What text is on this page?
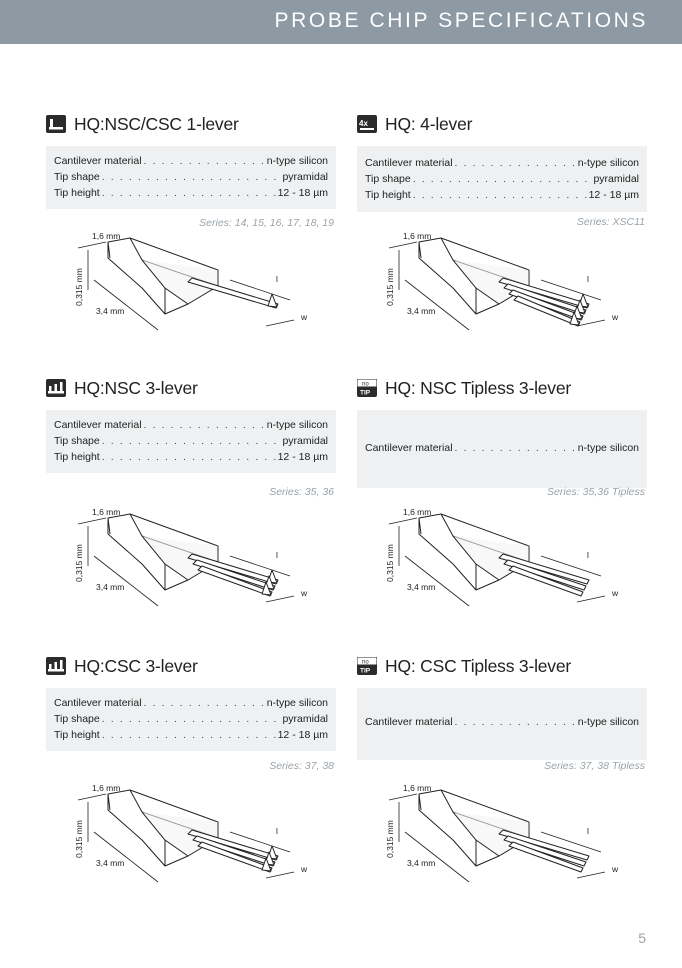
PROBE CHIP SPECIFICATIONS
HQ:NSC/CSC 1-lever
Cantilever material . . .	n-type silicon
Tip shape . . .	pyramidal
Tip height . . .	12 - 18 µm
Series: 14, 15, 16, 17, 18, 19
1,6 mm
0,315 mm
3,4 mm
l
w
4x HQ: 4-lever
Cantilever material . . .	n-type silicon
Tip shape . . .	pyramidal
Tip height . . .	12 - 18 µm
Series: XSC11
1,6 mm
0,315 mm
3,4 mm
l
w
HQ:NSC 3-lever
Cantilever material . . .	n-type silicon
Tip shape . . .	pyramidal
Tip height . . .	12 - 18 µm
Series: 35, 36
1,6 mm
0,315 mm
3,4 mm
l
w
no
TIP HQ: NSC Tipless 3-lever
Cantilever material . . .	n-type silicon
Series: 35,36 Tipless
1,6 mm
0,315 mm
3,4 mm
l
w
HQ:CSC 3-lever
Cantilever material . . .	n-type silicon
Tip shape . . .	pyramidal
Tip height . . .	12 - 18 µm
Series: 37, 38
1,6 mm
0,315 mm
3,4 mm
l
w
no
TIP HQ: CSC Tipless 3-lever
Cantilever material . . .	n-type silicon
Series: 37, 38 Tipless
1,6 mm
0,315 mm
3,4 mm
l
w
5
